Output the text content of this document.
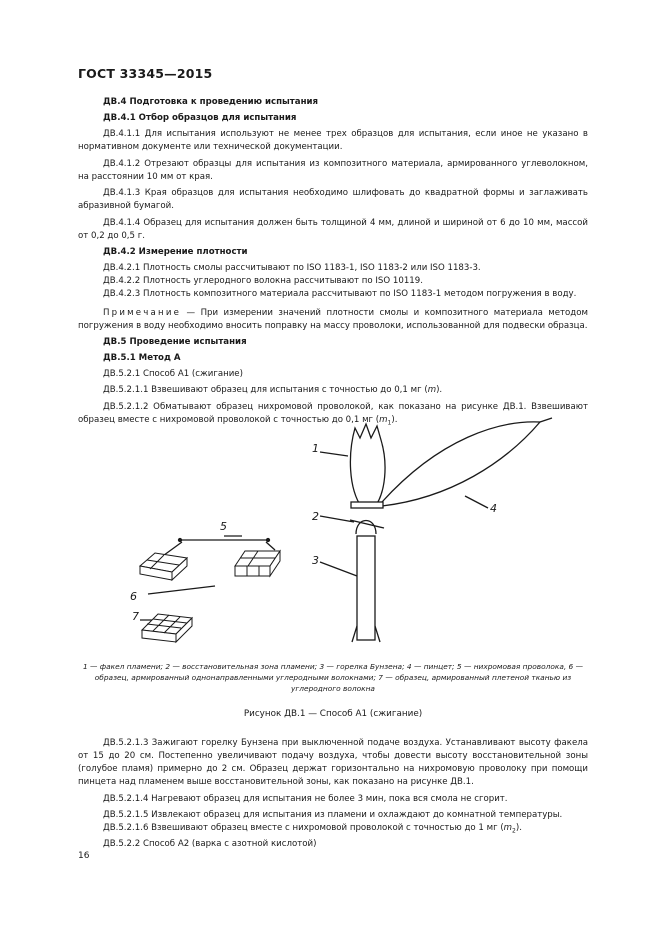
ГОСТ 33345—2015

ДВ.4 Подготовка к проведению испытания

ДВ.4.1 Отбор образцов для испытания

ДВ.4.1.1 Для испытания используют не менее трех образцов для испытания, если иное не указано в нормативном документе или технической документации.

ДВ.4.1.2 Отрезают образцы для испытания из композитного материала, армированного углеволокном, на расстоянии 10 мм от края.

ДВ.4.1.3 Края образцов для испытания необходимо шлифовать до квадратной формы и заглаживать абразивной бумагой.

ДВ.4.1.4 Образец для испытания должен быть толщиной 4 мм, длиной и шириной от 6 до 10 мм, массой от 0,2 до 0,5 г.

ДВ.4.2 Измерение плотности

ДВ.4.2.1 Плотность смолы рассчитывают по ISO 1183-1, ISO 1183-2 или ISO 1183-3.

ДВ.4.2.2 Плотность углеродного волокна рассчитывают по ISO 10119.

ДВ.4.2.3 Плотность композитного материала рассчитывают по ISO 1183-1 методом погружения в воду.

Примечание — При измерении значений плотности смолы и композитного материала методом погружения в воду необходимо вносить поправку на массу проволоки, использованной для подвески образца.

ДВ.5 Проведение испытания

ДВ.5.1 Метод А

ДВ.5.2.1 Способ А1 (сжигание)

ДВ.5.2.1.1 Взвешивают образец для испытания с точностью до 0,1 мг (m).

ДВ.5.2.1.2 Обматывают образец нихромовой проволокой, как показано на рисунке ДВ.1. Взвешивают образец вместе с нихромовой проволокой с точностью до 0,1 мг $(m_1)$.

1
2
3
4
5
6
7
1 — факел пламени; 2 — восстановительная зона пламени; 3 — горелка Бунзена; 4 — пинцет; 5 — нихромовая проволока, 6 — образец, армированный однонаправленными углеродными волокнами; 7 — образец, армированный плетеной тканью из углеродного волокна
Рисунок ДВ.1 — Способ А1 (сжигание)

ДВ.5.2.1.3 Зажигают горелку Бунзена при выключенной подаче воздуха. Устанавливают высоту факела от 15 до 20 см. Постепенно увеличивают подачу воздуха, чтобы довести высоту восстановительной зоны (голубое пламя) примерно до 2 см. Образец держат горизонтально на нихромовую проволоку при помощи пинцета над пламенем выше восстановительной зоны, как показано на рисунке ДВ.1.

ДВ.5.2.1.4 Нагревают образец для испытания не более 3 мин, пока вся смола не сгорит.

ДВ.5.2.1.5 Извлекают образец для испытания из пламени и охлаждают до комнатной температуры.

ДВ.5.2.1.6 Взвешивают образец вместе с нихромовой проволокой с точностью до 1 мг $(m_2)$.

ДВ.5.2.2 Способ А2 (варка с азотной кислотой)

16
